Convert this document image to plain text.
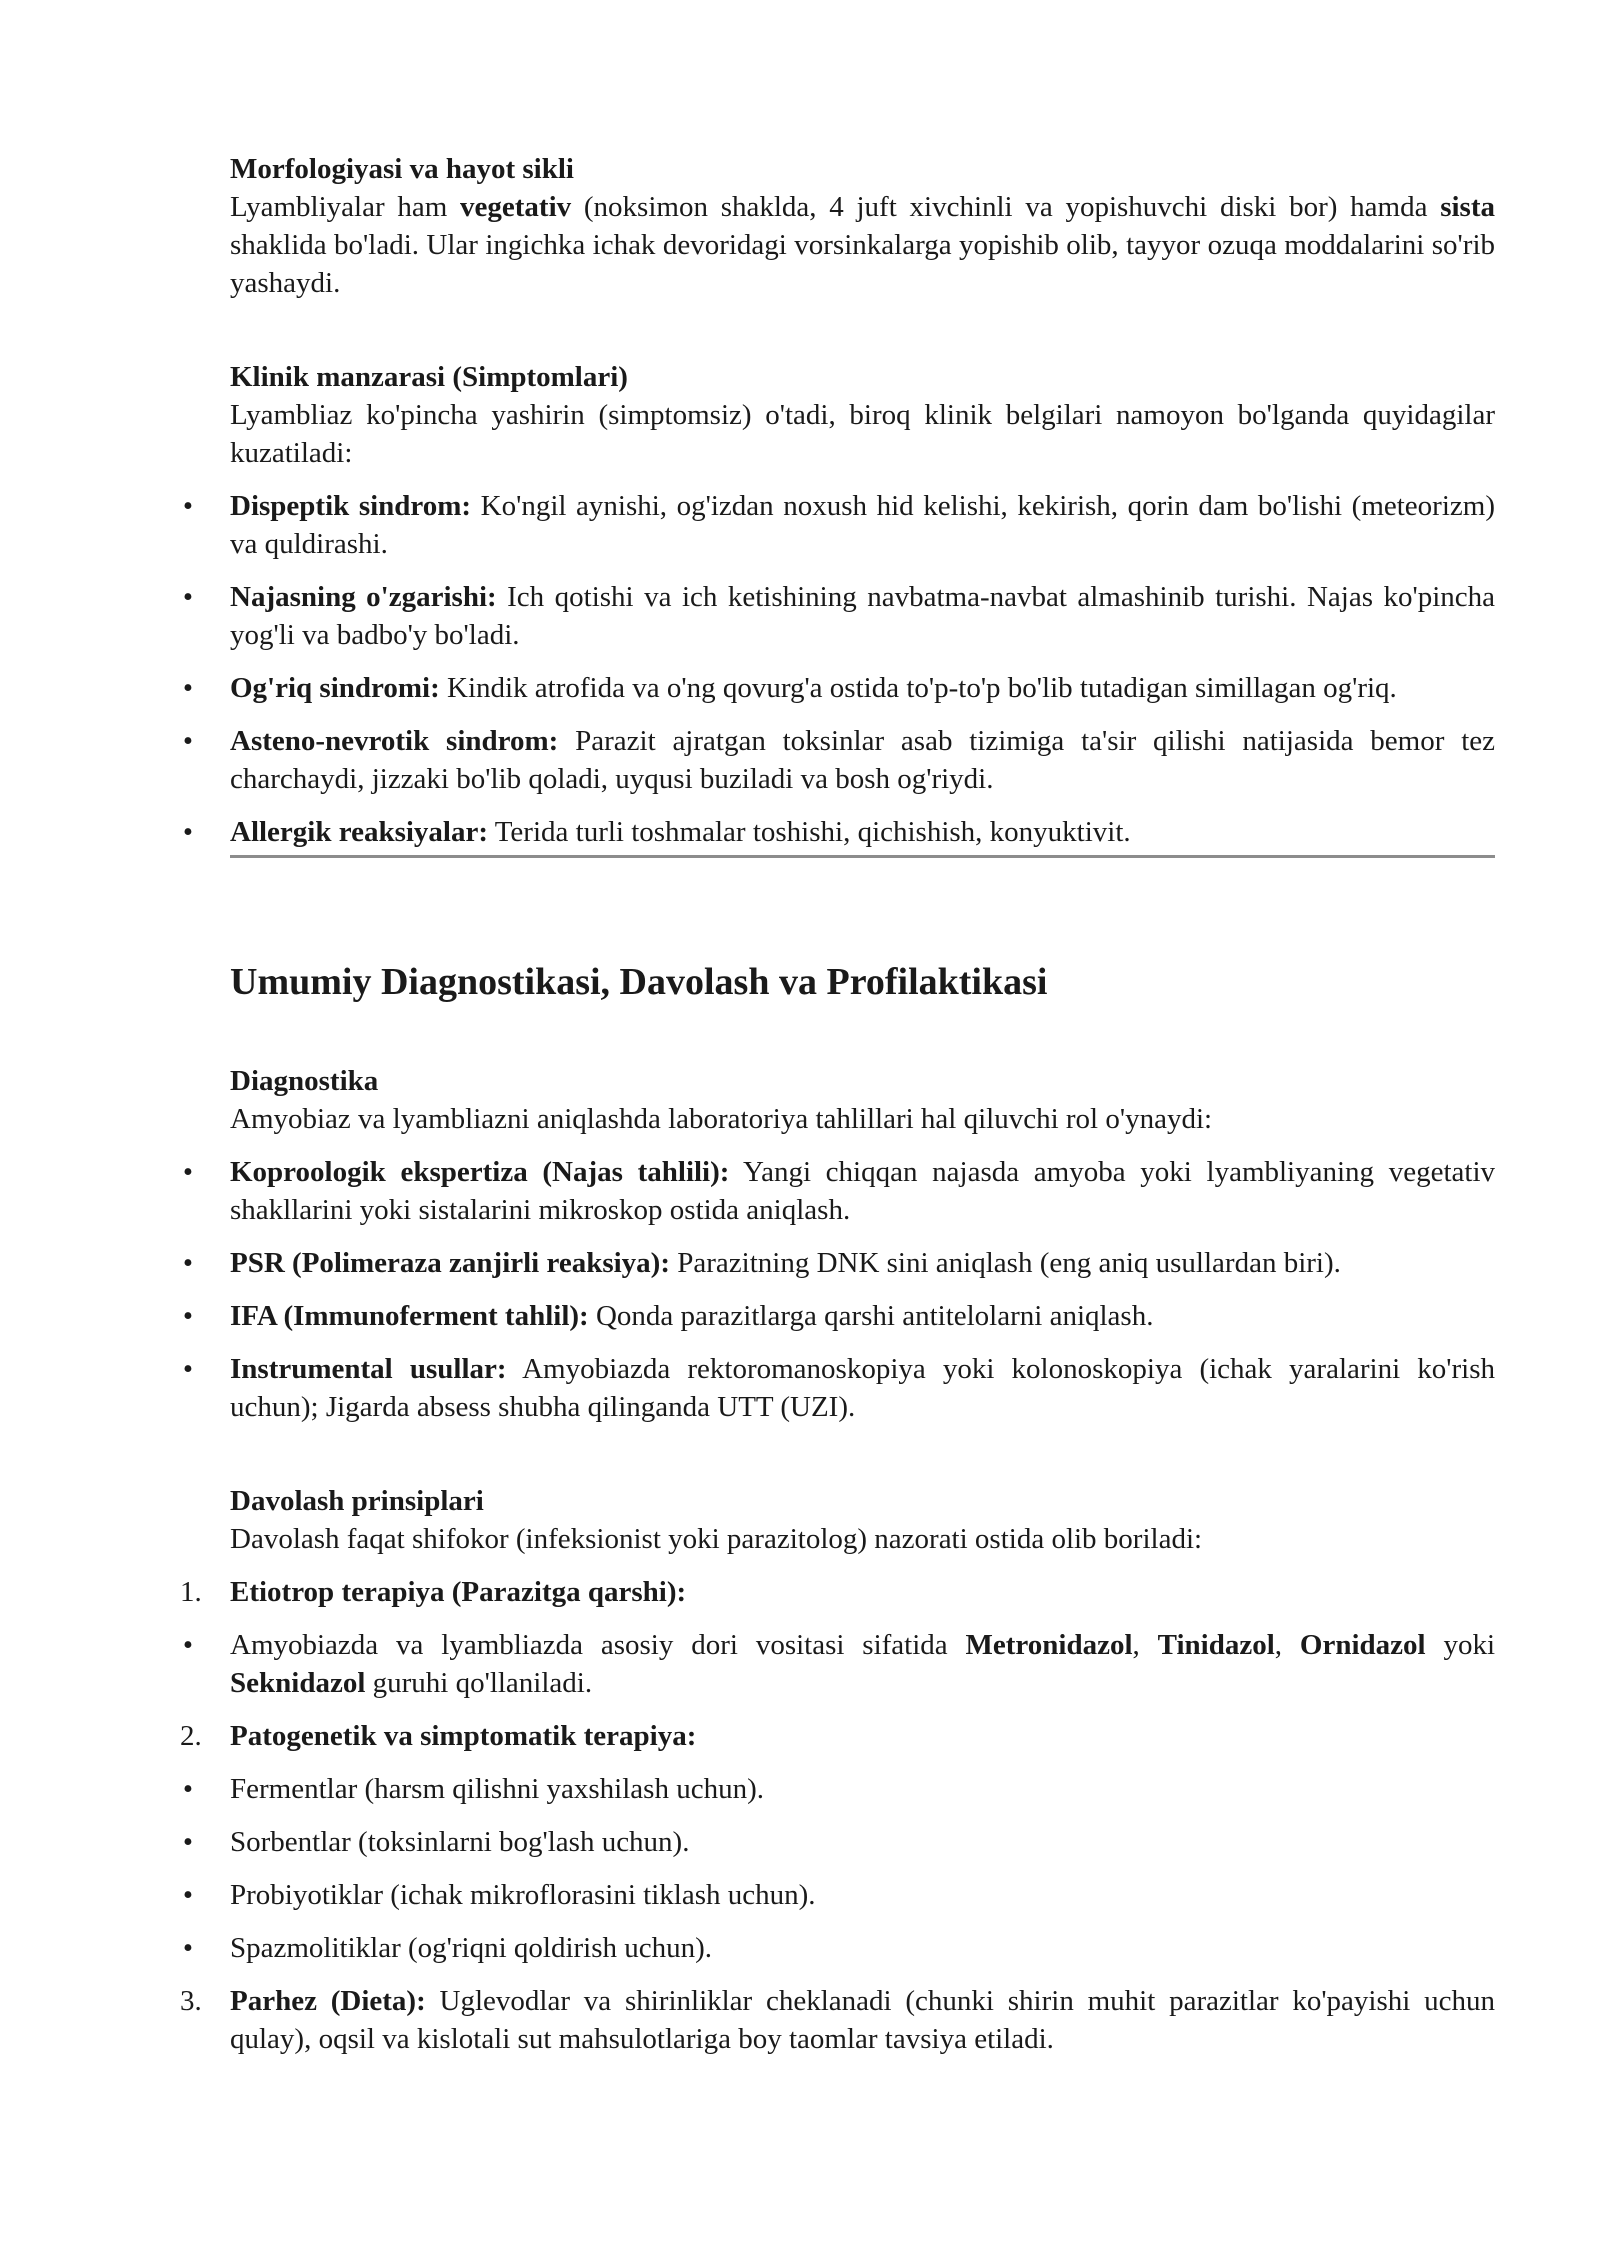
Morfologiyasi va hayot sikli

Lyambliyalar ham vegetativ (noksimon shaklda, 4 juft xivchinli va yopishuvchi diski bor) hamda sista shaklida bo'ladi. Ular ingichka ichak devoridagi vorsinkalarga yopishib olib, tayyor ozuqa moddalarini so'rib yashaydi.

Klinik manzarasi (Simptomlari)

Lyambliaz ko'pincha yashirin (simptomsiz) o'tadi, biroq klinik belgilari namoyon bo'lganda quyidagilar kuzatiladi:

• Dispeptik sindrom: Ko'ngil aynishi, og'izdan noxush hid kelishi, kekirish, qorin dam bo'lishi (meteorizm) va quldirashi.
• Najasning o'zgarishi: Ich qotishi va ich ketishining navbatma-navbat almashinib turishi. Najas ko'pincha yog'li va badbo'y bo'ladi.
• Og'riq sindromi: Kindik atrofida va o'ng qovurg'a ostida to'p-to'p bo'lib tutadigan simillagan og'riq.
• Asteno-nevrotik sindrom: Parazit ajratgan toksinlar asab tizimiga ta'sir qilishi natijasida bemor tez charchaydi, jizzaki bo'lib qoladi, uyqusi buziladi va bosh og'riydi.
• Allergik reaksiyalar: Terida turli toshmalar toshishi, qichishish, konyuktivit.
Umumiy Diagnostikasi, Davolash va Profilaktikasi

Diagnostika

Amyobiaz va lyambliazni aniqlashda laboratoriya tahlillari hal qiluvchi rol o'ynaydi:

• Koproologik ekspertiza (Najas tahlili): Yangi chiqqan najasda amyoba yoki lyambliyaning vegetativ shakllarini yoki sistalarini mikroskop ostida aniqlash.
• PSR (Polimeraza zanjirli reaksiya): Parazitning DNK sini aniqlash (eng aniq usullardan biri).
• IFA (Immunoferment tahlil): Qonda parazitlarga qarshi antitelolarni aniqlash.
• Instrumental usullar: Amyobiazda rektoromanoskopiya yoki kolonoskopiya (ichak yaralarini ko'rish uchun); Jigarda absess shubha qilinganda UTT (UZI).

Davolash prinsiplari

Davolash faqat shifokor (infeksionist yoki parazitolog) nazorati ostida olib boriladi:

1. Etiotrop terapiya (Parazitga qarshi):
• Amyobiazda va lyambliazda asosiy dori vositasi sifatida Metronidazol, Tinidazol, Ornidazol yoki Seknidazol guruhi qo'llaniladi.
2. Patogenetik va simptomatik terapiya:
• Fermentlar (harsm qilishni yaxshilash uchun).
• Sorbentlar (toksinlarni bog'lash uchun).
• Probiyotiklar (ichak mikroflorasini tiklash uchun).
• Spazmolitiklar (og'riqni qoldirish uchun).
3. Parhez (Dieta): Uglevodlar va shirinliklar cheklanadi (chunki shirin muhit parazitlar ko'payishi uchun qulay), oqsil va kislotali sut mahsulotlariga boy taomlar tavsiya etiladi.
